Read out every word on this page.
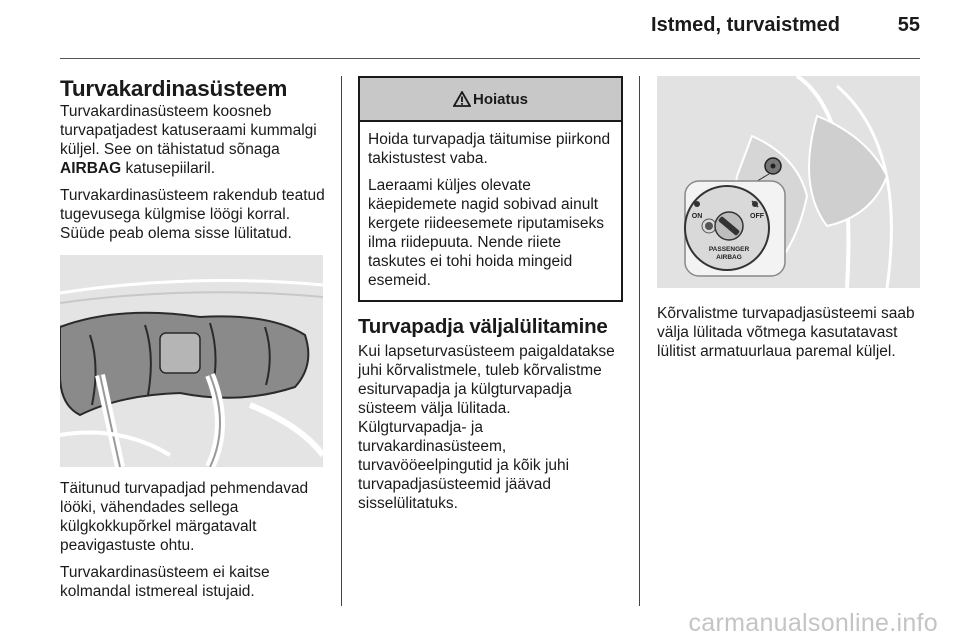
Istmed, turvaistmed	55
Turvakardinasüsteem

Turvakardinasüsteem koosneb turvapatjadest katuseraami kummalgi küljel. See on tähistatud sõnaga AIRBAG katusepiilaril.

Turvakardinasüsteem rakendub teatud tugevusega külgmise löögi korral. Süüde peab olema sisse lülitatud.

Täitunud turvapadjad pehmendavad lööki, vähendades sellega külgkokkupõrkel märgatavalt peavigastuste ohtu.

Turvakardinasüsteem ei kaitse kolmandal istmereal istujaid.

Hoiatus

Hoida turvapadja täitumise piirkond takistustest vaba.

Laeraami küljes olevate käepidemete nagid sobivad ainult kergete riideesemete riputamiseks ilma riidepuuta. Nende riiete taskutes ei tohi hoida mingeid esemeid.

Turvapadja väljalülitamine

Kui lapseturvasüsteem paigaldatakse juhi kõrvalistmele, tuleb kõrvalistme esiturvapadja ja külgturvapadja süsteem välja lülitada. Külgturvapadja- ja turvakardinasüsteem, turvavööeelpingutid ja kõik juhi turvapadjasüsteemid jäävad sisselülitatuks.

ON	OFF
PASSENGER
AIRBAG

Kõrvalistme turvapadjasüsteemi saab välja lülitada võtmega kasutatavast lülitist armatuurlaua paremal küljel.

carmanualsonline.info
